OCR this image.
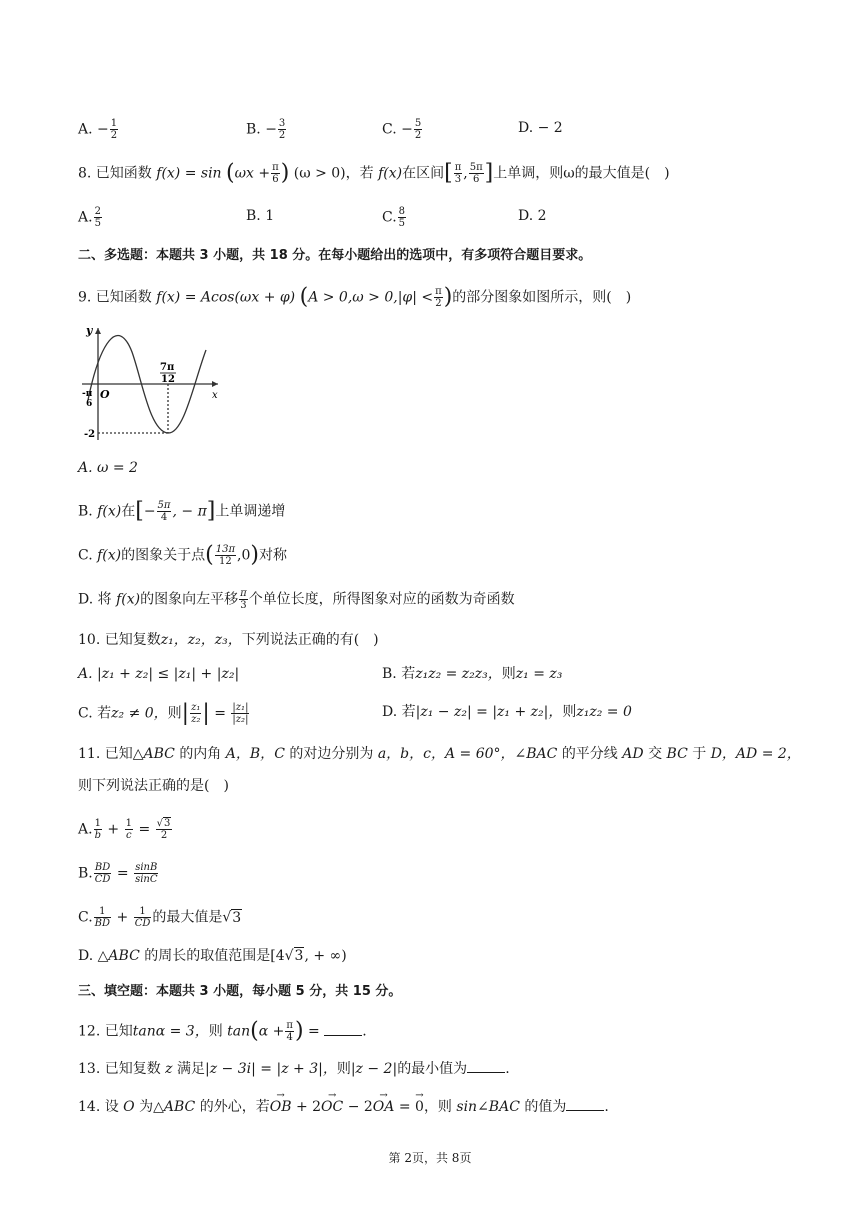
A. − $\frac{1}{2}$	B. − $\frac{3}{2}$	C. − $\frac{5}{2}$	D. − 2
8. 已知函数 $f(x) = \sin (\omega x + \frac{\pi}{6}$ ) (ω > 0)，若 f(x)在区间[ $\frac{\pi}{3}$ , $\frac{5\pi}{6}$ ]上单调，则ω的最大值是(　)
A. $\frac{2}{5}$	B. 1	C. $\frac{8}{5}$	D. 2
二、多选题：本题共 3 小题，共 18 分。在每小题给出的选项中，有多项符合题目要求。
9. 已知函数 f(x) = Acos(ωx + φ) ($A > 0,\omega > 0,|\varphi| < \frac{\pi}{2}$ )的部分图象如图所示，则(　)
y
x
O
-π
6
7π
12
-2
A. ω = 2
B. f(x)在[− $\frac{5\pi}{4}$ , − π]上单调递增
C. f(x)的图象关于点( $\frac{13\pi}{12} ,0$)对称
D. 将 f(x)的图象向左平移 $\frac{\pi}{3}$ 个单位长度，所得图象对应的函数为奇函数
10. 已知复数z₁，z₂，z₃，下列说法正确的有(　)
A. |z₁ + z₂| ≤ |z₁| + |z₂|	B. 若z₁z₂ = z₂z₃，则z₁ = z₃
C. 若z₂ ≠ 0，则| $\frac{\text{z₁}}{\text{z₂}}$ | = $\frac{\text{|z₁|}}{\text{|z₂|}}$	D. 若|z₁ − z₂| = |z₁ + z₂|，则z₁z₂ = 0
11. 已知△ABC 的内角 A，B，C 的对边分别为 a，b，c，A = 60°，∠BAC 的平分线 AD 交 BC 于 D，AD = 2，
则下列说法正确的是(　)
A. $\frac{1}{b} + \frac{1}{c} = \frac{√3}{2}$
B. $\frac{BD}{CD} = \frac{\sin B}{\sin C}$
C. $\frac{1}{BD} + \frac{1}{CD}$ 的最大值是√3
D. △ABC 的周长的取值范围是[4√3, + ∞)
三、填空题：本题共 3 小题，每小题 5 分，共 15 分。
12. 已知tanα = 3，则 $\tan(\alpha + \frac{\pi}{4}$ ) =	.
13. 已知复数 z 满足|z − 3i| = |z + 3|，则|z − 2|的最小值为	.
14. 设 O 为△ABC 的外心，若→ OB + 2→ OC − 2→ OA = → 0，则 sin∠BAC 的值为	.
第 2页，共 8页
